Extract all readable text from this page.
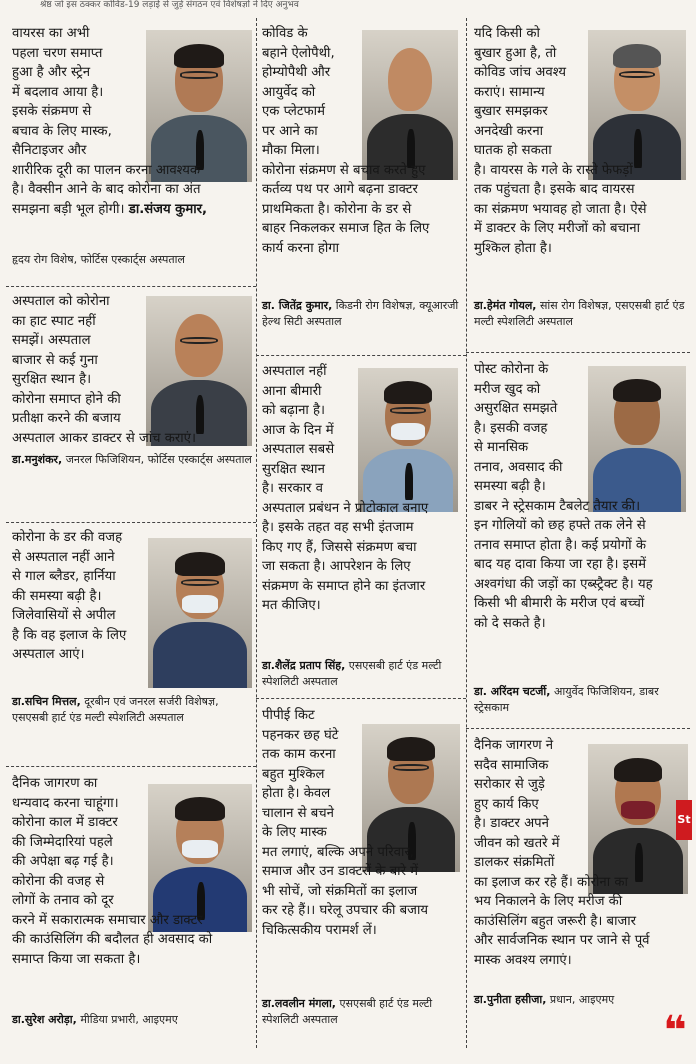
श्रेष्ठ जो इस ठक्कर कोविड-19 लड़ाई से जुड़े संगठन एवं विशेषज्ञों ने दिए अनुभव
वायरस का अभी
पहला चरण समाप्त
हुआ है और स्ट्रेन
में बदलाव आया है।
इसके संक्रमण से
बचाव के लिए मास्क,
सैनिटाइजर और
शारीरिक दूरी का पालन करना आवश्यक
है। वैक्सीन आने के बाद कोरोना का अंत
समझना बड़ी भूल होगी। डा.संजय कुमार,
हृदय रोग विशेष, फोर्टिस एस्कार्ट्स अस्पताल
कोविड के
बहाने ऐलोपैथी,
होम्योपैथी और
आयुर्वेद को
एक प्लेटफार्म
पर आने का
मौका मिला।
कोरोना संक्रमण से बचाव करते हुए
कर्तव्य पथ पर आगे बढ़ना डाक्टर
प्राथमिकता है। कोरोना के डर से
बाहर निकलकर समाज हित के लिए
कार्य करना होगा
डा. जितेंद्र कुमार, किडनी रोग विशेषज्ञ, क्यूआरजी हेल्थ सिटी अस्पताल
यदि किसी को
बुखार हुआ है, तो
कोविड जांच अवश्य
कराएं। सामान्य
बुखार समझकर
अनदेखी करना
घातक हो सकता
है। वायरस के गले के रास्ते फेफड़ों
तक पहुंचता है। इसके बाद वायरस
का संक्रमण भयावह हो जाता है। ऐसे
में डाक्टर के लिए मरीजों को बचाना
मुश्किल होता है।
डा.हेमंत गोयल, सांस रोग विशेषज्ञ, एसएसबी हार्ट एंड मल्टी स्पेशलिटी अस्पताल
अस्पताल को कोरोना
का हाट स्पाट नहीं
समझें। अस्पताल
बाजार से कई गुना
सुरक्षित स्थान है।
कोरोना समाप्त होने की
प्रतीक्षा करने की बजाय
अस्पताल आकर डाक्टर से जांच कराएं।
डा.मनुशंकर, जनरल फिजिशियन, फोर्टिस एस्कार्ट्स अस्पताल
अस्पताल नहीं
आना बीमारी
को बढ़ाना है।
आज के दिन में
अस्पताल सबसे
सुरक्षित स्थान
है। सरकार व
अस्पताल प्रबंधन ने प्रोटोकाल बनाए
है। इसके तहत वह सभी इंतजाम
किए गए हैं, जिससे संक्रमण बचा
जा सकता है। आपरेशन के लिए
संक्रमण के समाप्त होने का इंतजार
मत कीजिए।
डा.शैलेंद्र प्रताप सिंह, एसएसबी हार्ट एंड मल्टी स्पेशलिटी अस्पताल
पोस्ट कोरोना के
मरीज खुद को
असुरक्षित समझते
है। इसकी वजह
से मानसिक
तनाव, अवसाद की
समस्या बढ़ी है।
डाबर ने स्ट्रेसकाम टैबलेट तैयार की।
इन गोलियों को छह हफ्ते तक लेने से
तनाव समाप्त होता है। कई प्रयोगों के
बाद यह दावा किया जा रहा है। इसमें
अश्वगंधा की जड़ों का एब्स्ट्रैक्ट है। यह
किसी भी बीमारी के मरीज एवं बच्चों
को दे सकते है।
डा. अरिंदम चटर्जी, आयुर्वेद फिजिशियन, डाबर स्ट्रेसकाम
कोरोना के डर की वजह
से अस्पताल नहीं आने
से गाल ब्लैडर, हार्निया
की समस्या बढ़ी है।
जिलेवासियों से अपील
है कि वह इलाज के लिए
अस्पताल आएं।
डा.सचिन मित्तल, दूरबीन एवं जनरल सर्जरी विशेषज्ञ, एसएसबी हार्ट एंड मल्टी स्पेशलिटी अस्पताल	पीपीई किट
पहनकर छह घंटे
तक काम करना
बहुत मुश्किल
होता है। केवल
चालान से बचने
के लिए मास्क
मत लगाएं, बल्कि अपने परिवार,
समाज और उन डाक्टरों के बारे में
भी सोचें, जो संक्रमितों का इलाज
कर रहे हैं।। घरेलू उपचार की बजाय
चिकित्सकीय परामर्श लें।
डा.लवलीन मंगला, एसएसबी हार्ट एंड मल्टी स्पेशलिटी अस्पताल
दैनिक जागरण का
धन्यवाद करना चाहूंगा।
कोरोना काल में डाक्टर
की जिम्मेदारियां पहले
की अपेक्षा बढ़ गई है।
कोरोना की वजह से
लोगों के तनाव को दूर
करने में सकारात्मक समाचार और डाक्टर
की काउंसिलिंग की बदौलत ही अवसाद को
समाप्त किया जा सकता है।
डा.सुरेश अरोड़ा, मीडिया प्रभारी, आइएमए
St
दैनिक जागरण ने
सदैव सामाजिक
सरोकार से जुड़े
हुए कार्य किए
है। डाक्टर अपने
जीवन को खतरे में
डालकर संक्रमितों
का इलाज कर रहे हैं। कोरोना का
भय निकालने के लिए मरीज की
काउंसिलिंग बहुत जरूरी है। बाजार
और सार्वजनिक स्थान पर जाने से पूर्व
मास्क अवश्य लगाएं।
डा.पुनीता हसीजा, प्रधान, आइएमए
❝
